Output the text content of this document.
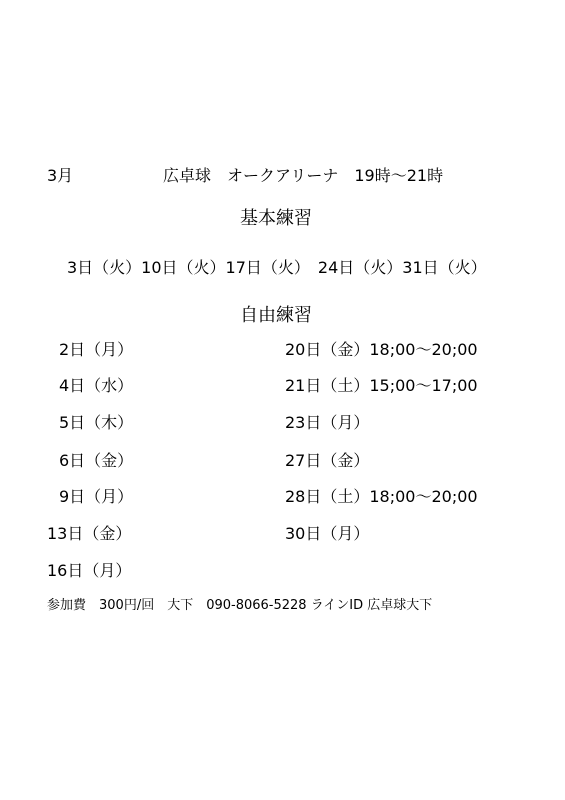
3月	広卓球　オークアリーナ　19時～21時
基本練習
3日（火）10日（火）17日（火）　24日（火）31日（火）
自由練習
2日（月）
4日（水）
5日（木）
6日（金）
9日（月）
13日（金）
16日（月）
20日（金）18;00～20;00
21日（土）15;00～17;00
23日（月）
27日（金）
28日（土）18;00～20;00
30日（月）
参加費　300円/回　大下　090-8066-5228 ラインID 広卓球大下
